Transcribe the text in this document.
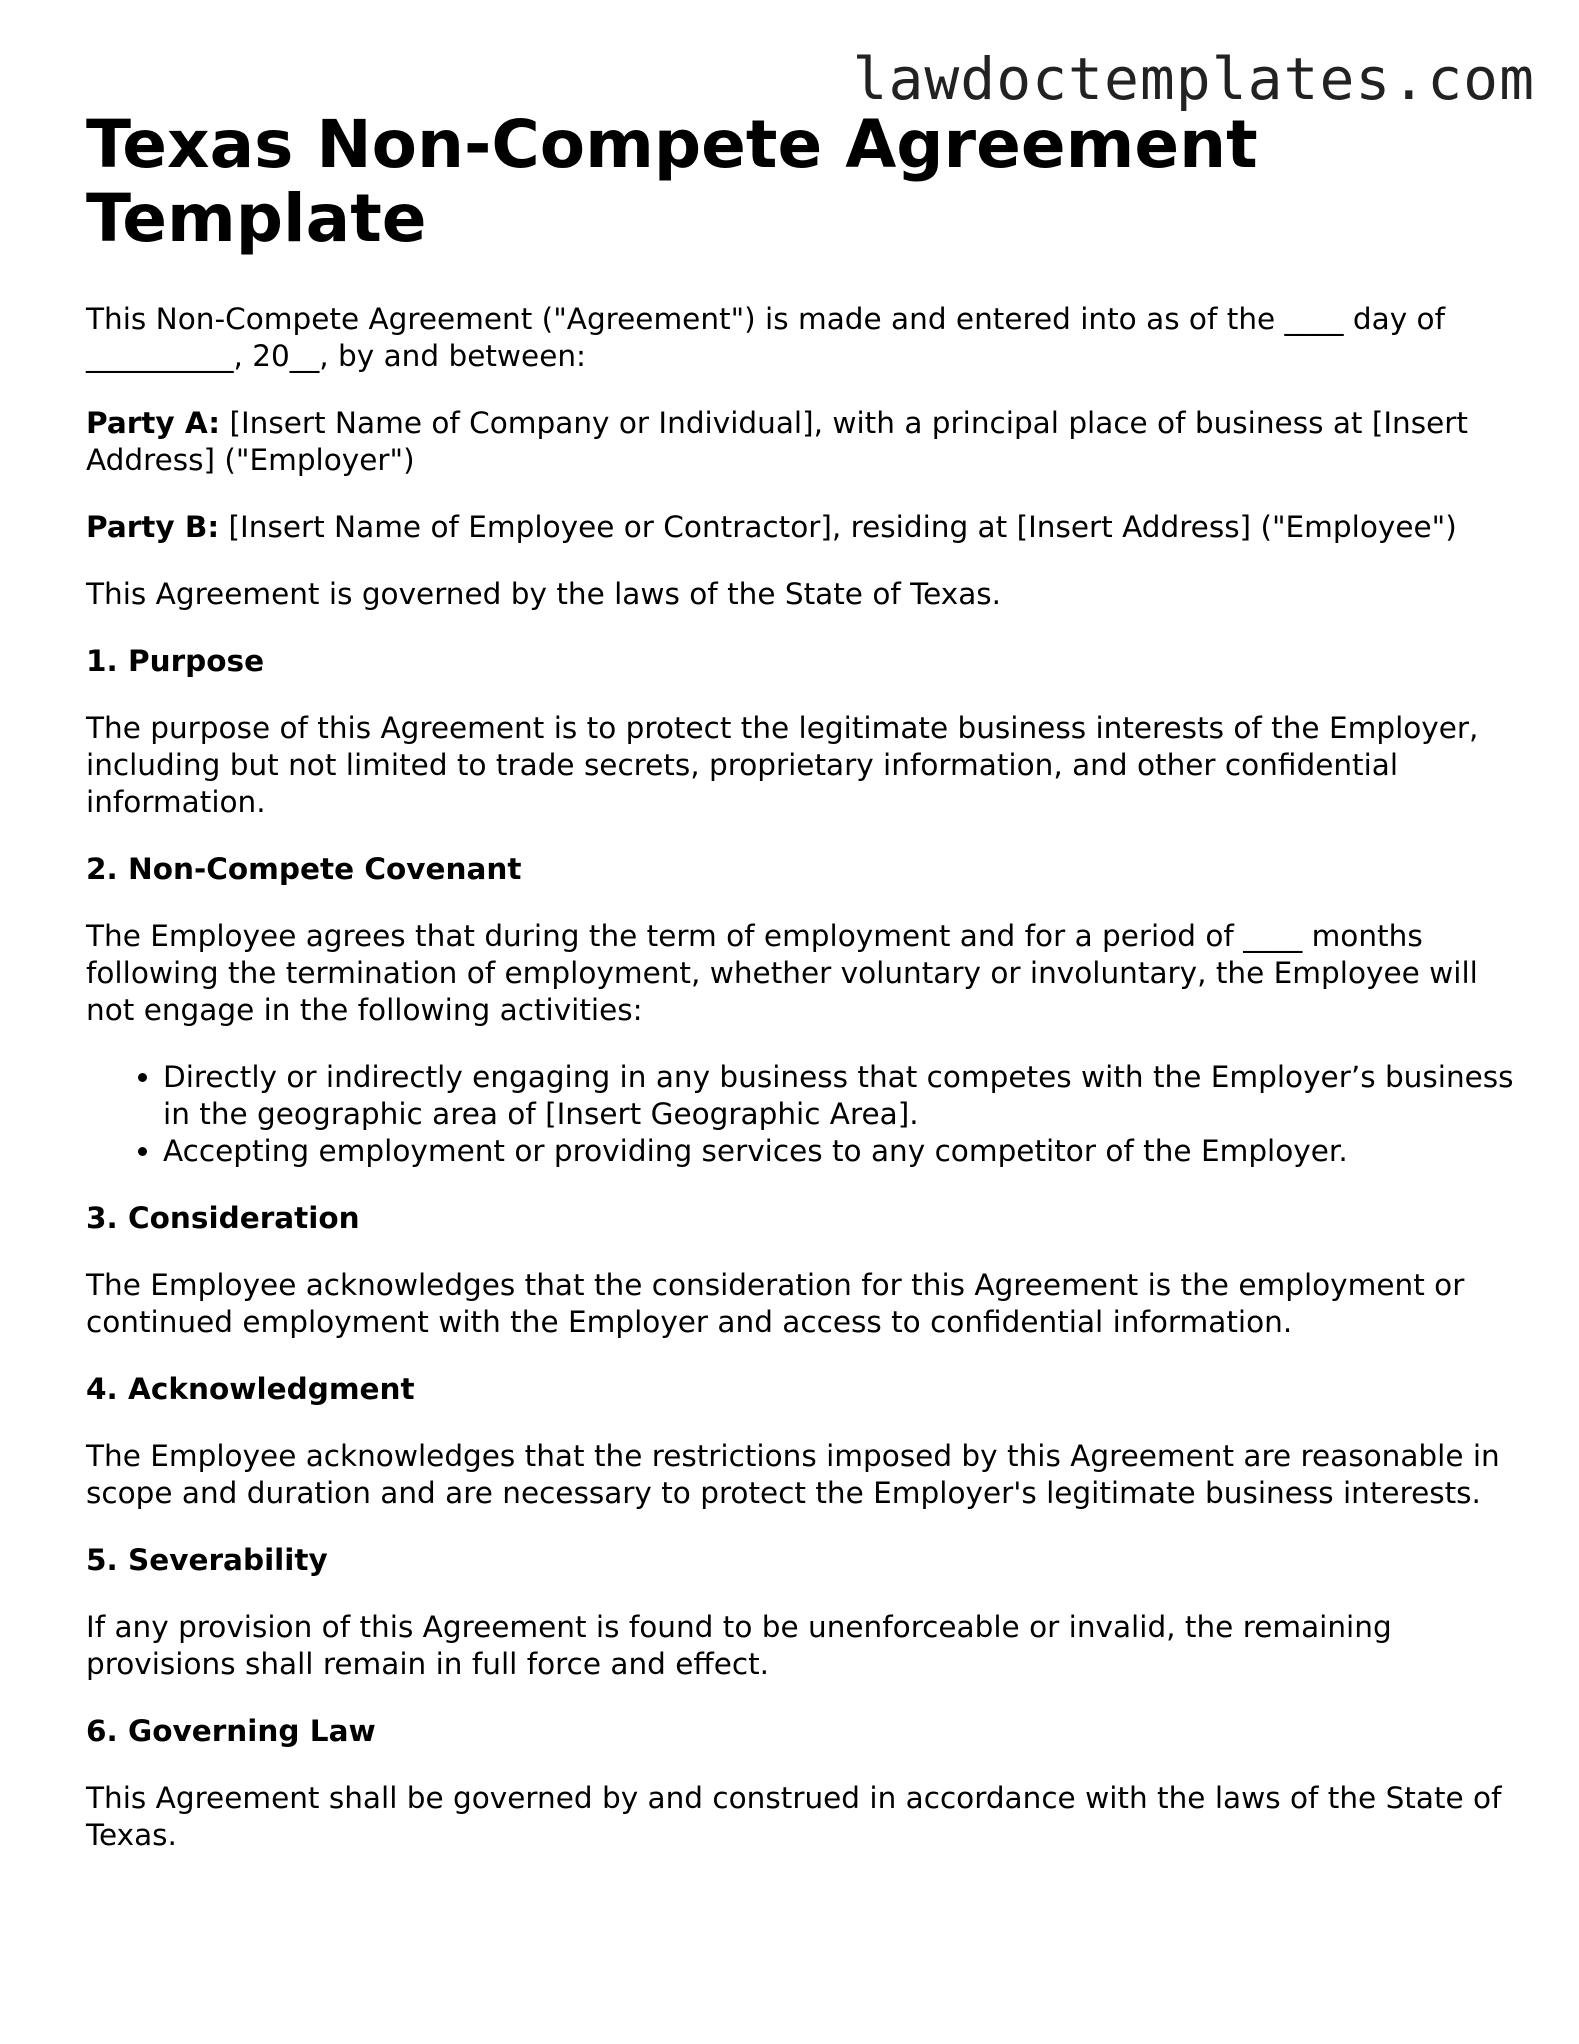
lawdoctemplates.com
Texas Non-Compete Agreement Template

This Non-Compete Agreement ("Agreement") is made and entered into as of the ____ day of __________, 20__, by and between:

Party A: [Insert Name of Company or Individual], with a principal place of business at [Insert Address] ("Employer")

Party B: [Insert Name of Employee or Contractor], residing at [Insert Address] ("Employee")

This Agreement is governed by the laws of the State of Texas.

1. Purpose

The purpose of this Agreement is to protect the legitimate business interests of the Employer, including but not limited to trade secrets, proprietary information, and other confidential information.

2. Non-Compete Covenant

The Employee agrees that during the term of employment and for a period of ____ months following the termination of employment, whether voluntary or involuntary, the Employee will not engage in the following activities:

• Directly or indirectly engaging in any business that competes with the Employer’s business in the geographic area of [Insert Geographic Area].
• Accepting employment or providing services to any competitor of the Employer.
3. Consideration

The Employee acknowledges that the consideration for this Agreement is the employment or continued employment with the Employer and access to confidential information.

4. Acknowledgment

The Employee acknowledges that the restrictions imposed by this Agreement are reasonable in scope and duration and are necessary to protect the Employer's legitimate business interests.

5. Severability

If any provision of this Agreement is found to be unenforceable or invalid, the remaining provisions shall remain in full force and effect.

6. Governing Law

This Agreement shall be governed by and construed in accordance with the laws of the State of Texas.
